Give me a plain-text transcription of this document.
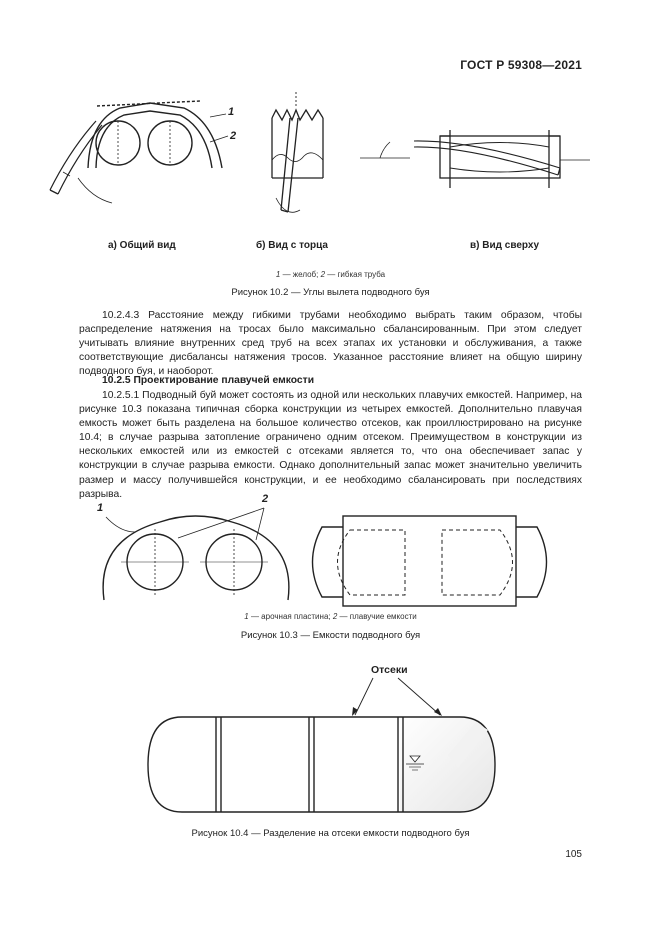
ГОСТ Р 59308—2021
1
2
а) Общий вид	б) Вид с торца	в) Вид сверху
1 — желоб; 2 — гибкая труба
Рисунок 10.2 — Углы вылета подводного буя

10.2.4.3 Расстояние между гибкими трубами необходимо выбрать таким образом, чтобы распределение натяжения на тросах было максимально сбалансированным. При этом следует учитывать влияние внутренних сред труб на всех этапах их установки и обслуживания, а также соответствующие дисбалансы натяжения тросов. Указанное расстояние влияет на общую ширину подводного буя, и наоборот.

10.2.5 Проектирование плавучей емкости

10.2.5.1 Подводный буй может состоять из одной или нескольких плавучих емкостей. Например, на рисунке 10.3 показана типичная сборка конструкции из четырех емкостей. Дополнительно плавучая емкость может быть разделена на большое количество отсеков, как проиллюстрировано на рисунке 10.4; в случае разрыва затопление ограничено одним отсеком. Преимуществом в конструкции из нескольких емкостей или из емкостей с отсеками является то, что она обеспечивает запас у конструкции в случае разрыва емкости. Однако дополнительный запас может значительно увеличить размер и массу получившейся конструкции, и ее необходимо сбалансировать при последствиях разрыва.

1
2
1 — арочная пластина; 2 — плавучие емкости
Рисунок 10.3 — Емкости подводного буя
Отсеки
Рисунок 10.4 — Разделение на отсеки емкости подводного буя
105
